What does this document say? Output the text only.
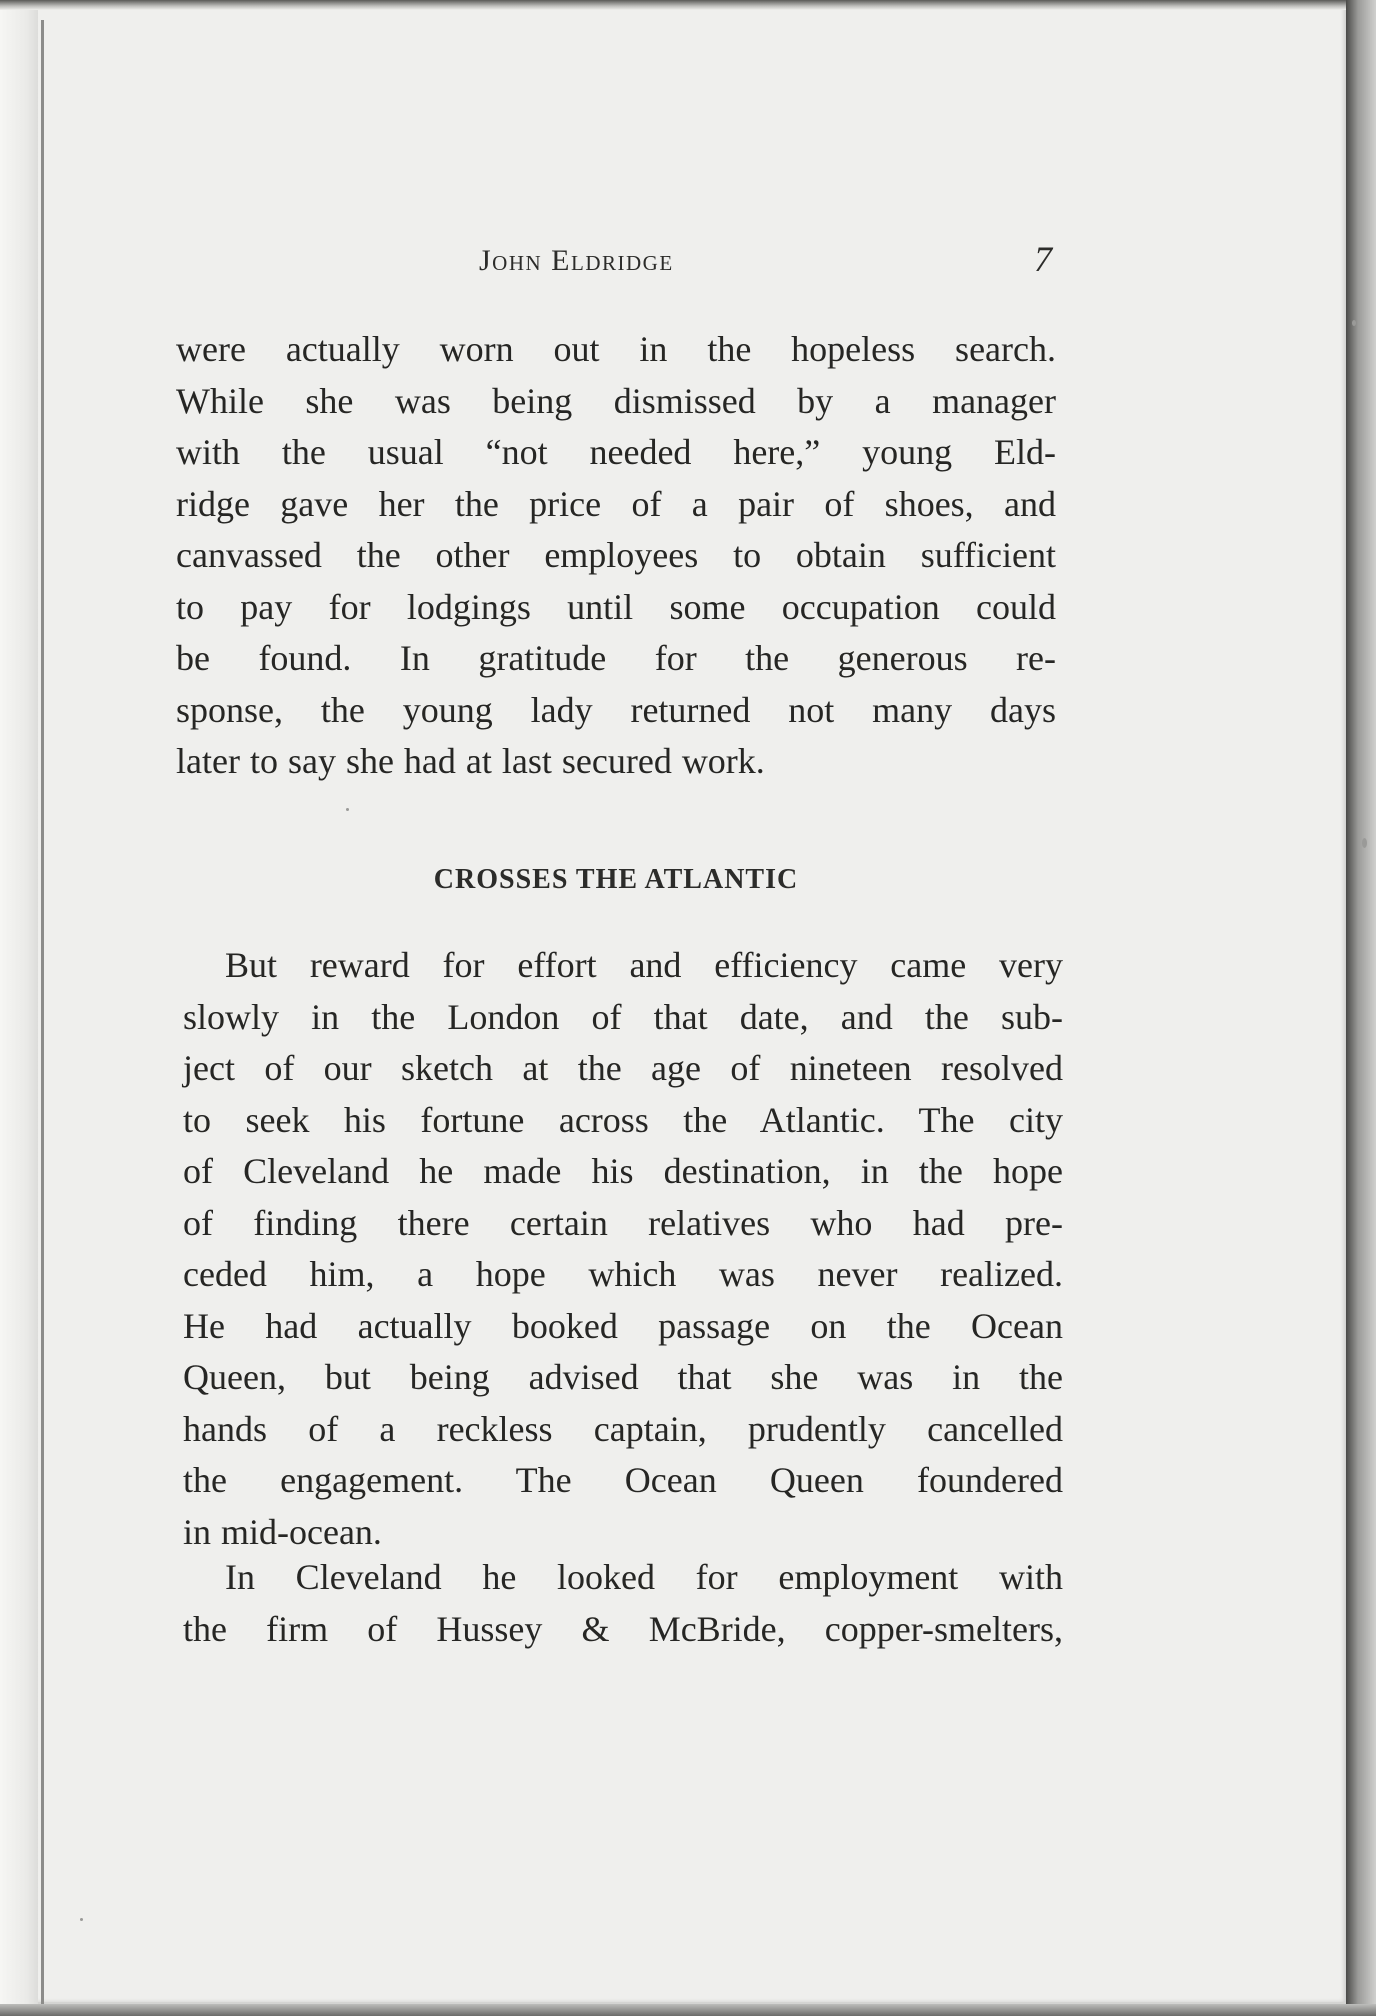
John Eldridge	7

were actually worn out in the hopeless search.
While she was being dismissed by a manager
with the usual “not needed here,” young Eld-
ridge gave her the price of a pair of shoes, and
canvassed the other employees to obtain sufficient
to pay for lodgings until some occupation could
be found. In gratitude for the generous re-
sponse, the young lady returned not many days
later to say she had at last secured work.

CROSSES THE ATLANTIC

But reward for effort and efficiency came very
slowly in the London of that date, and the sub-
ject of our sketch at the age of nineteen resolved
to seek his fortune across the Atlantic. The city
of Cleveland he made his destination, in the hope
of finding there certain relatives who had pre-
ceded him, a hope which was never realized.
He had actually booked passage on the Ocean
Queen, but being advised that she was in the
hands of a reckless captain, prudently cancelled
the engagement. The Ocean Queen foundered
in mid-ocean.

In Cleveland he looked for employment with
the firm of Hussey & McBride, copper-smelters,
